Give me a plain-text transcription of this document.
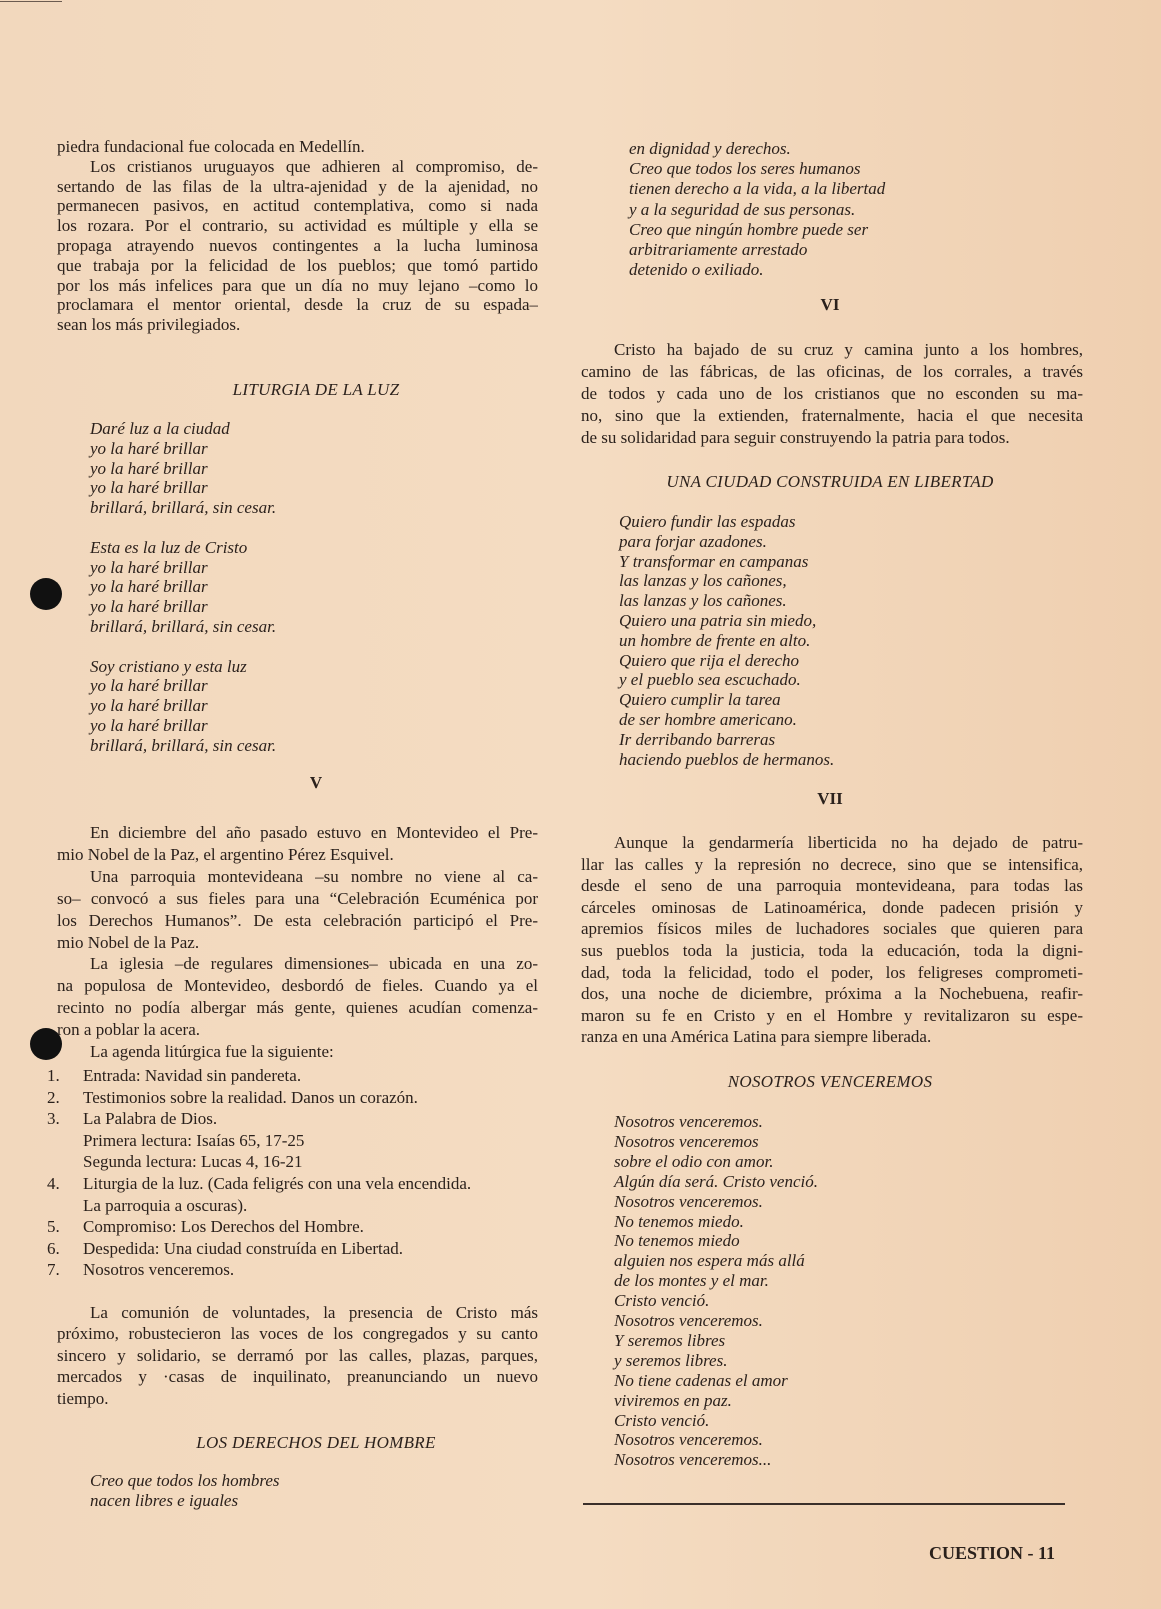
CUESTION - 11
piedra fundacional fue colocada en Medellín.
Los cristianos uruguayos que adhieren al compromiso, de-
sertando de las filas de la ultra-ajenidad y de la ajenidad, no
permanecen pasivos, en actitud contemplativa, como si nada
los rozara. Por el contrario, su actividad es múltiple y ella se
propaga atrayendo nuevos contingentes a la lucha luminosa
que trabaja por la felicidad de los pueblos; que tomó partido
por los más infelices para que un día no muy lejano –como lo
proclamara el mentor oriental, desde la cruz de su espada–
sean los más privilegiados.
LITURGIA DE LA LUZ
Daré luz a la ciudad
yo la haré brillar
yo la haré brillar
yo la haré brillar
brillará, brillará, sin cesar.
Esta es la luz de Cristo
yo la haré brillar
yo la haré brillar
yo la haré brillar
brillará, brillará, sin cesar.
Soy cristiano y esta luz
yo la haré brillar
yo la haré brillar
yo la haré brillar
brillará, brillará, sin cesar.
V
En diciembre del año pasado estuvo en Montevideo el Pre-
mio Nobel de la Paz, el argentino Pérez Esquivel.
Una parroquia montevideana –su nombre no viene al ca-
so– convocó a sus fieles para una “Celebración Ecuménica por
los Derechos Humanos”. De esta celebración participó el Pre-
mio Nobel de la Paz.
La iglesia –de regulares dimensiones– ubicada en una zo-
na populosa de Montevideo, desbordó de fieles. Cuando ya el
recinto no podía albergar más gente, quienes acudían comenza-
ron a poblar la acera.
La agenda litúrgica fue la siguiente:
1. Entrada: Navidad sin pandereta.
2. Testimonios sobre la realidad. Danos un corazón.
3. La Palabra de Dios.
Primera lectura: Isaías 65, 17-25
Segunda lectura: Lucas 4, 16-21
4. Liturgia de la luz. (Cada feligrés con una vela encendida.
La parroquia a oscuras).
5. Compromiso: Los Derechos del Hombre.
6. Despedida: Una ciudad construída en Libertad.
7. Nosotros venceremos.
La comunión de voluntades, la presencia de Cristo más
próximo, robustecieron las voces de los congregados y su canto
sincero y solidario, se derramó por las calles, plazas, parques,
mercados y ·casas de inquilinato, preanunciando un nuevo
tiempo.
LOS DERECHOS DEL HOMBRE
Creo que todos los hombres
nacen libres e iguales
en dignidad y derechos.
Creo que todos los seres humanos
tienen derecho a la vida, a la libertad
y a la seguridad de sus personas.
Creo que ningún hombre puede ser
arbitrariamente arrestado
detenido o exiliado.
VI
Cristo ha bajado de su cruz y camina junto a los hombres,
camino de las fábricas, de las oficinas, de los corrales, a través
de todos y cada uno de los cristianos que no esconden su ma-
no, sino que la extienden, fraternalmente, hacia el que necesita
de su solidaridad para seguir construyendo la patria para todos.
UNA CIUDAD CONSTRUIDA EN LIBERTAD
Quiero fundir las espadas
para forjar azadones.
Y transformar en campanas
las lanzas y los cañones,
las lanzas y los cañones.
Quiero una patria sin miedo,
un hombre de frente en alto.
Quiero que rija el derecho
y el pueblo sea escuchado.
Quiero cumplir la tarea
de ser hombre americano.
Ir derribando barreras
haciendo pueblos de hermanos.
VII
Aunque la gendarmería liberticida no ha dejado de patru-
llar las calles y la represión no decrece, sino que se intensifica,
desde el seno de una parroquia montevideana, para todas las
cárceles ominosas de Latinoamérica, donde padecen prisión y
apremios físicos miles de luchadores sociales que quieren para
sus pueblos toda la justicia, toda la educación, toda la digni-
dad, toda la felicidad, todo el poder, los feligreses comprometi-
dos, una noche de diciembre, próxima a la Nochebuena, reafir-
maron su fe en Cristo y en el Hombre y revitalizaron su espe-
ranza en una América Latina para siempre liberada.
NOSOTROS VENCEREMOS
Nosotros venceremos.
Nosotros venceremos
sobre el odio con amor.
Algún día será. Cristo venció.
Nosotros venceremos.
No tenemos miedo.
No tenemos miedo
alguien nos espera más allá
de los montes y el mar.
Cristo venció.
Nosotros venceremos.
Y seremos libres
y seremos libres.
No tiene cadenas el amor
viviremos en paz.
Cristo venció.
Nosotros venceremos.
Nosotros venceremos...
